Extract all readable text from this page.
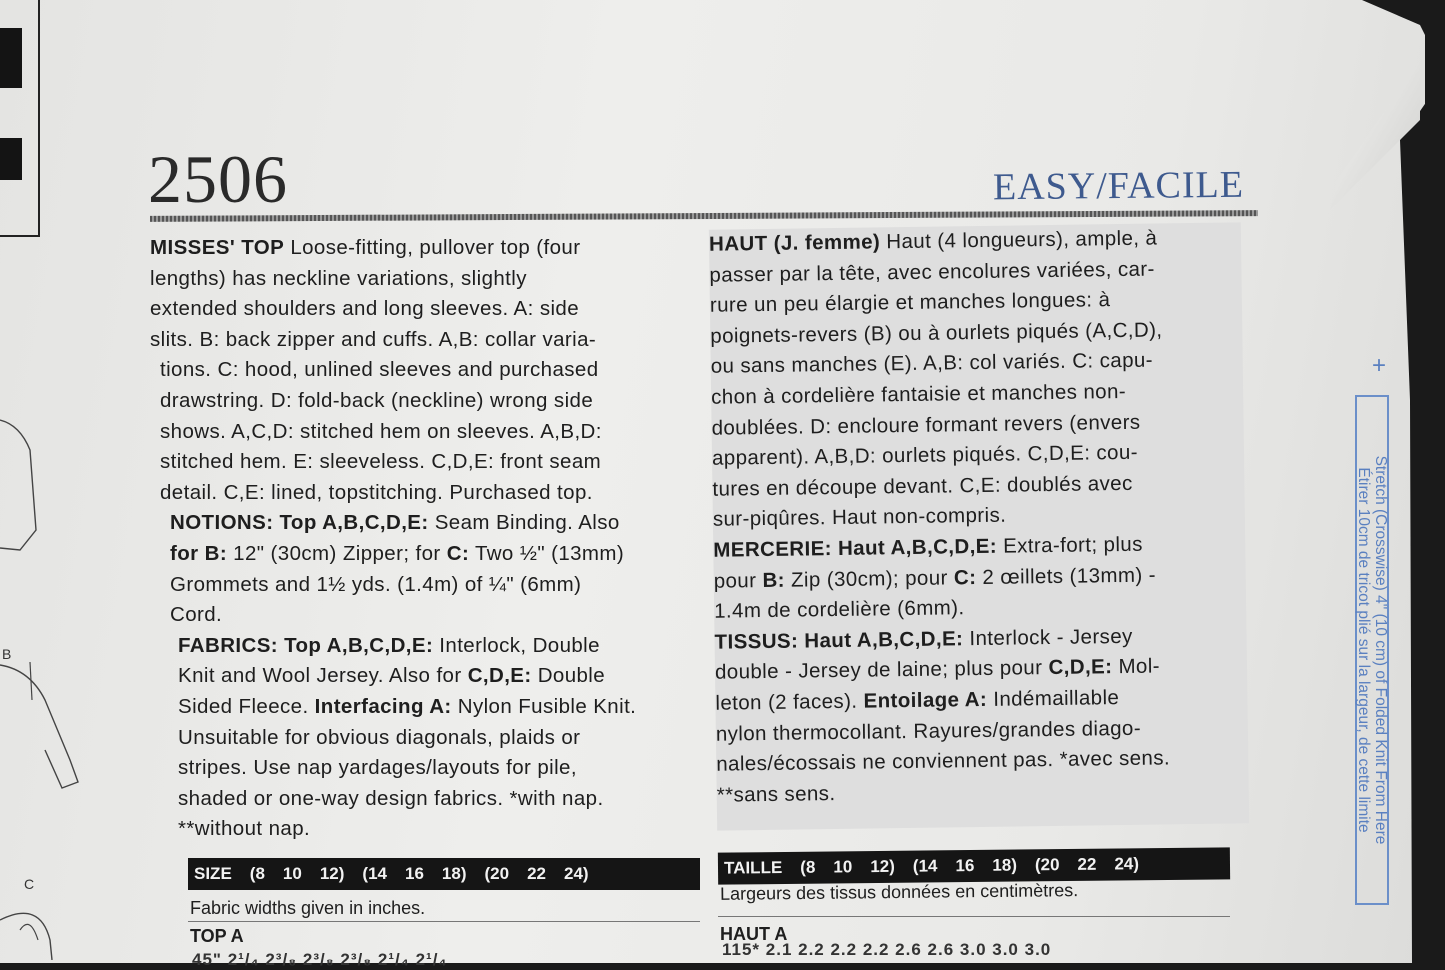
B
C
2506	EASY/FACILE

MISSES' TOP Loose-fitting, pullover top (four

lengths) has neckline variations, slightly

extended shoulders and long sleeves. A: side

slits. B: back zipper and cuffs. A,B: collar varia-

tions. C: hood, unlined sleeves and purchased

drawstring. D: fold-back (neckline) wrong side

shows. A,C,D: stitched hem on sleeves. A,B,D:

stitched hem. E: sleeveless. C,D,E: front seam

detail. C,E: lined, topstitching. Purchased top.

NOTIONS: Top A,B,C,D,E: Seam Binding. Also

for B: 12" (30cm) Zipper; for C: Two ½" (13mm)

Grommets and 1½ yds. (1.4m) of ¼" (6mm)

Cord.

FABRICS: Top A,B,C,D,E: Interlock, Double

Knit and Wool Jersey. Also for C,D,E: Double

Sided Fleece. Interfacing A: Nylon Fusible Knit.

Unsuitable for obvious diagonals, plaids or

stripes. Use nap yardages/layouts for pile,

shaded or one-way design fabrics. *with nap.

**without nap.

HAUT (J. femme) Haut (4 longueurs), ample, à

passer par la tête, avec encolures variées, car-

rure un peu élargie et manches longues: à

poignets-revers (B) ou à ourlets piqués (A,C,D),

ou sans manches (E). A,B: col variés. C: capu-

chon à cordelière fantaisie et manches non-

doublées. D: encloure formant revers (envers

apparent). A,B,D: ourlets piqués. C,D,E: cou-

tures en découpe devant. C,E: doublés avec

sur-piqûres. Haut non-compris.

MERCERIE: Haut A,B,C,D,E: Extra-fort; plus

pour B: Zip (30cm); pour C: 2 œillets (13mm) -

1.4m de cordelière (6mm).

TISSUS: Haut A,B,C,D,E: Interlock - Jersey

double - Jersey de laine; plus pour C,D,E: Mol-

leton (2 faces). Entoilage A: Indémaillable

nylon thermocollant. Rayures/grandes diago-

nales/écossais ne conviennent pas. *avec sens.

**sans sens.

SIZE (8 10 12) (14 16 18) (20 22 24)	TAILLE (8 10 12) (14 16 18) (20 22 24)
Fabric widths given in inches.
Largeurs des tissus données en centimètres.
TOP A	HAUT A
45" 2¹/₄ 2³/₈ 2³/₈ 2³/₈ 2¹/₄ 2¹/₄
115* 2.1 2.2 2.2 2.2 2.6 2.6 3.0 3.0 3.0
+
Stretch (Crosswise) 4" (10 cm) of Folded Knit From Here
Étirer 10cm de tricot plié sur la largeur, de cette limite
